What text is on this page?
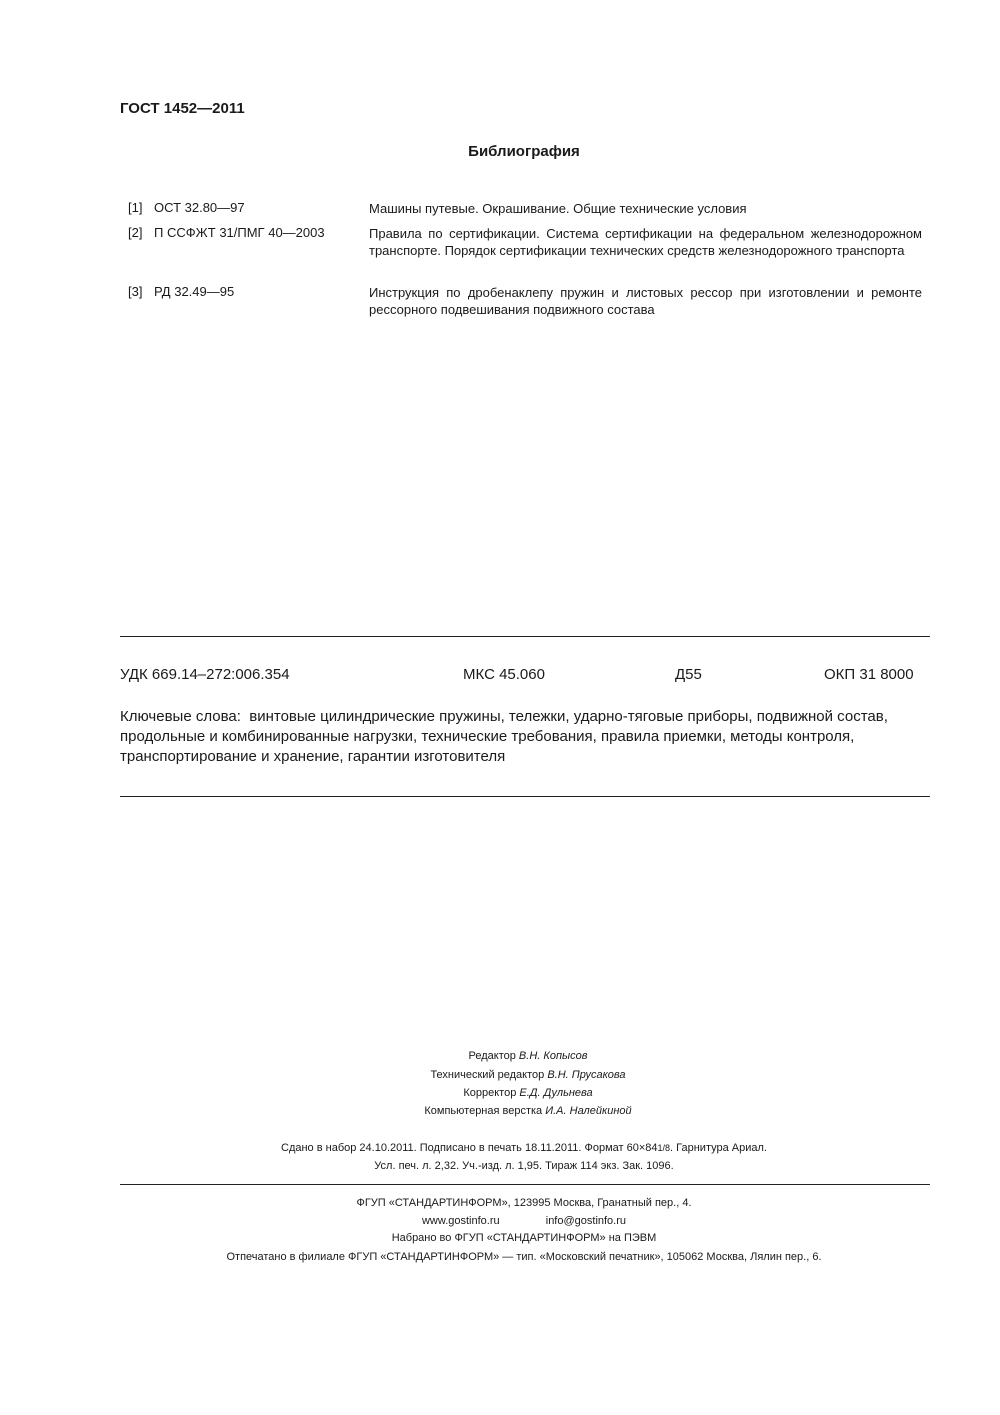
ГОСТ 1452—2011
Библиография
[1] ОСТ 32.80—97	Машины путевые. Окрашивание. Общие технические условия
[2] П ССФЖТ 31/ПМГ 40—2003	Правила по сертификации. Система сертификации на федеральном железнодорожном транспорте. Порядок сертификации технических средств железнодорожного транспорта
[3] РД 32.49—95	Инструкция по дробенаклепу пружин и листовых рессор при изготовлении и ремонте рессорного подвешивания подвижного состава
УДК 669.14–272:006.354	МКС 45.060	Д55	ОКП 31 8000
Ключевые слова: винтовые цилиндрические пружины, тележки, ударно-тяговые приборы, подвижной состав, продольные и комбинированные нагрузки, технические требования, правила приемки, методы контроля, транспортирование и хранение, гарантии изготовителя
Редактор В.Н. Копысов
Технический редактор В.Н. Прусакова
Корректор Е.Д. Дульнева
Компьютерная верстка И.А. Налейкиной
Сдано в набор 24.10.2011. Подписано в печать 18.11.2011. Формат 60×841/8. Гарнитура Ариал.
Усл. печ. л. 2,32. Уч.-изд. л. 1,95. Тираж 114 экз. Зак. 1096.
ФГУП «СТАНДАРТИНФОРМ», 123995 Москва, Гранатный пер., 4.
www.gostinfo.ru	info@gostinfo.ru
Набрано во ФГУП «СТАНДАРТИНФОРМ» на ПЭВМ
Отпечатано в филиале ФГУП «СТАНДАРТИНФОРМ» — тип. «Московский печатник», 105062 Москва, Лялин пер., 6.
